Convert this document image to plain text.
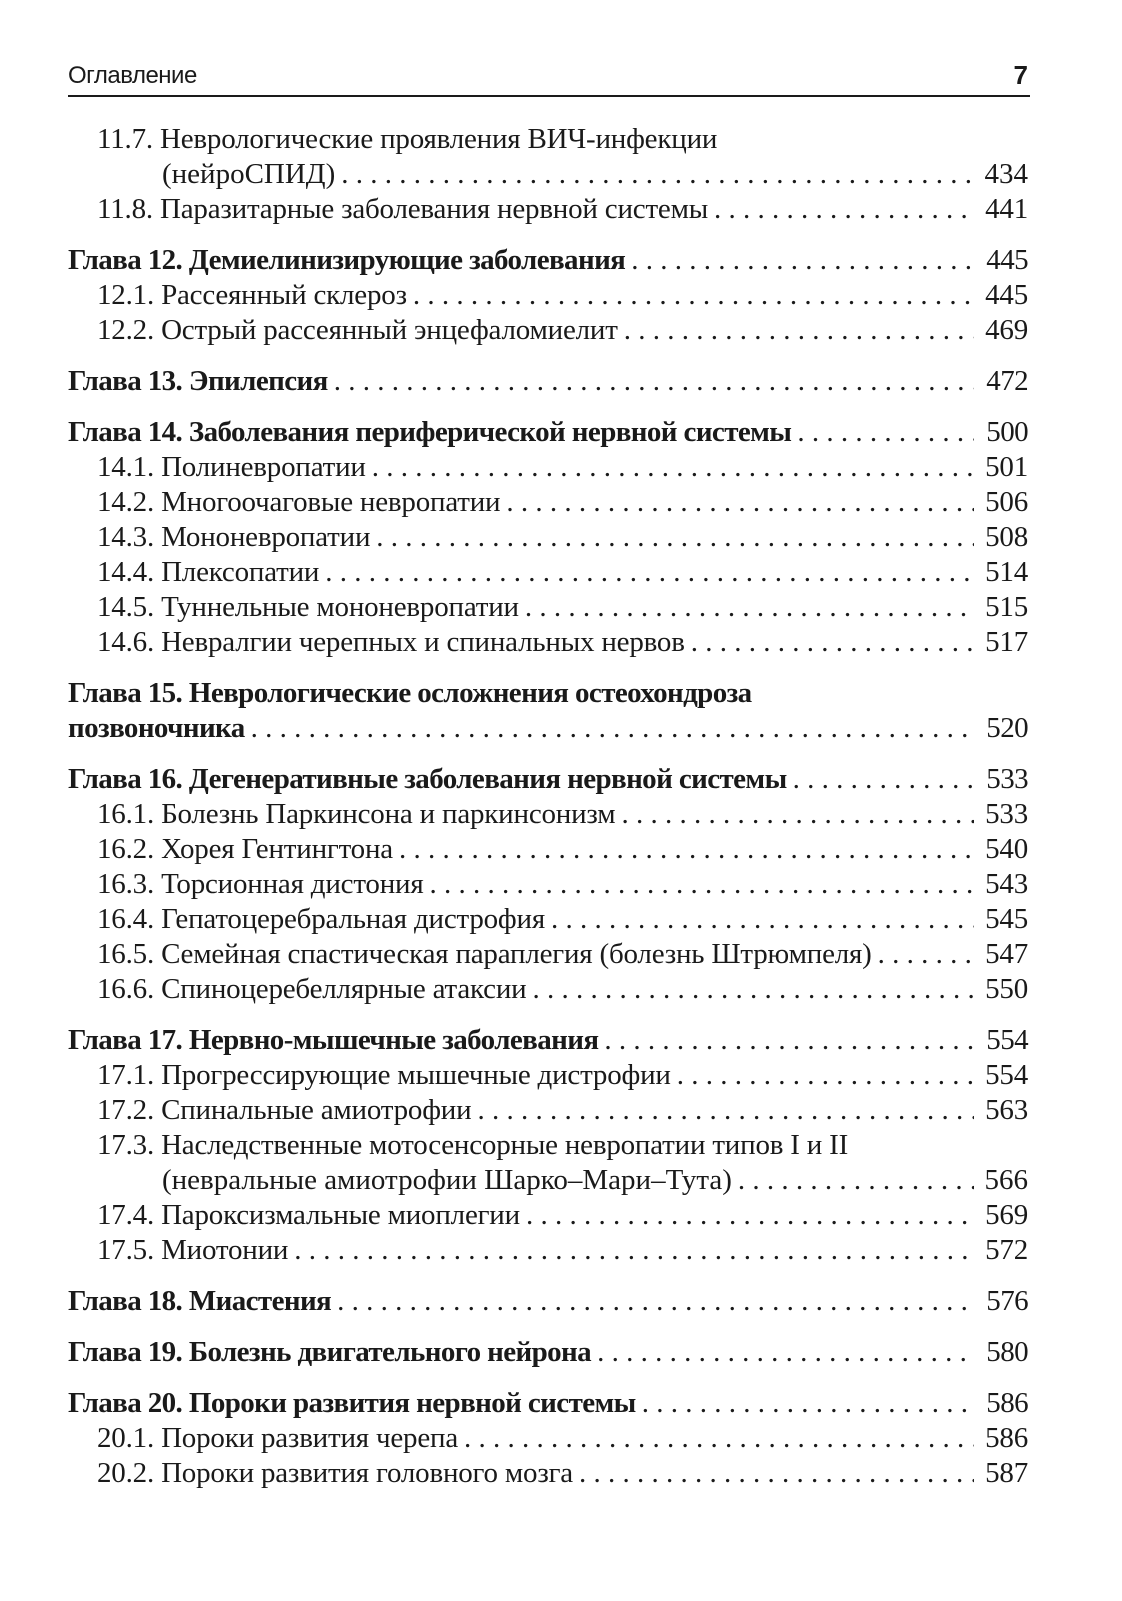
Оглавление	7
11.7. Неврологические проявления ВИЧ-инфекции
(нейроСПИД) . . .	434
11.8. Паразитарные заболевания нервной системы . . .	441
Глава 12. Демиелинизирующие заболевания . . .	445
12.1. Рассеянный склероз . . .	445
12.2. Острый рассеянный энцефаломиелит . . .	469
Глава 13. Эпилепсия . . .	472
Глава 14. Заболевания периферической нервной системы . . .	500
14.1. Полиневропатии . . .	501
14.2. Многоочаговые невропатии . . .	506
14.3. Мононевропатии . . .	508
14.4. Плексопатии . . .	514
14.5. Туннельные мононевропатии . . .	515
14.6. Невралгии черепных и спинальных нервов . . .	517
Глава 15. Неврологические осложнения остеохондроза
позвоночника . . .	520
Глава 16. Дегенеративные заболевания нервной системы . . .	533
16.1. Болезнь Паркинсона и паркинсонизм . . .	533
16.2. Хорея Гентингтона . . .	540
16.3. Торсионная дистония . . .	543
16.4. Гепатоцеребральная дистрофия . . .	545
16.5. Семейная спастическая параплегия (болезнь Штрюмпеля) . . .	547
16.6. Спиноцеребеллярные атаксии . . .	550
Глава 17. Нервно-мышечные заболевания . . .	554
17.1. Прогрессирующие мышечные дистрофии . . .	554
17.2. Спинальные амиотрофии . . .	563
17.3. Наследственные мотосенсорные невропатии типов I и II
(невральные амиотрофии Шарко–Мари–Тута) . . .	566
17.4. Пароксизмальные миоплегии . . .	569
17.5. Миотонии . . .	572
Глава 18. Миастения . . .	576
Глава 19. Болезнь двигательного нейрона . . .	580
Глава 20. Пороки развития нервной системы . . .	586
20.1. Пороки развития черепа . . .	586
20.2. Пороки развития головного мозга . . .	587
